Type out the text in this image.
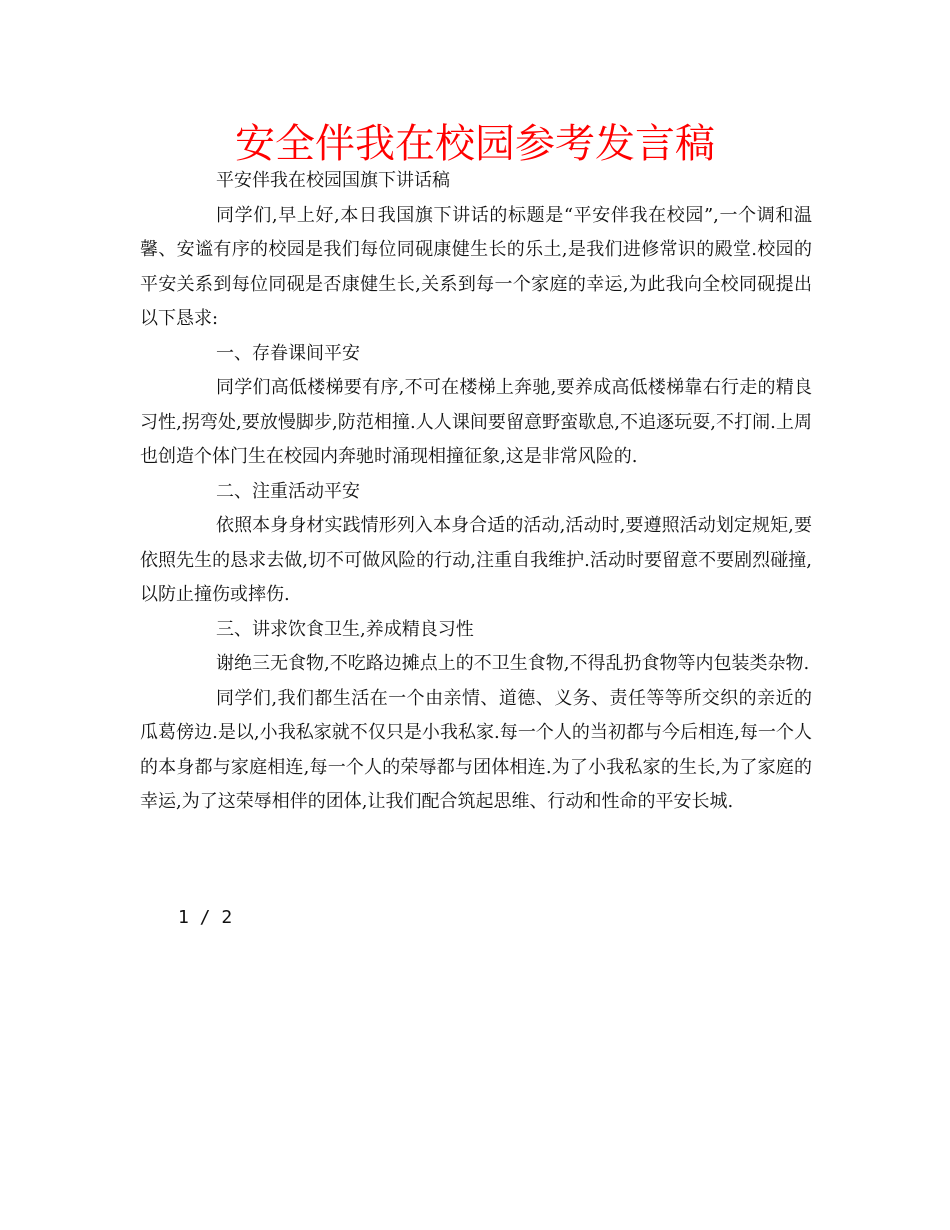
安全伴我在校园参考发言稿

平安伴我在校园国旗下讲话稿

同学们,早上好,本日我国旗下讲话的标题是“平安伴我在校园”,一个调和温馨、安谧有序的校园是我们每位同砚康健生长的乐土,是我们进修常识的殿堂.校园的平安关系到每位同砚是否康健生长,关系到每一个家庭的幸运,为此我向全校同砚提出以下恳求:

一、存眷课间平安

同学们高低楼梯要有序,不可在楼梯上奔驰,要养成高低楼梯靠右行走的精良习性,拐弯处,要放慢脚步,防范相撞.人人课间要留意野蛮歇息,不追逐玩耍,不打闹.上周也创造个体门生在校园内奔驰时涌现相撞征象,这是非常风险的.

二、注重活动平安

依照本身身材实践情形列入本身合适的活动,活动时,要遵照活动划定规矩,要依照先生的恳求去做,切不可做风险的行动,注重自我维护.活动时要留意不要剧烈碰撞,以防止撞伤或摔伤.

三、讲求饮食卫生,养成精良习性

谢绝三无食物,不吃路边摊点上的不卫生食物,不得乱扔食物等内包装类杂物.

同学们,我们都生活在一个由亲情、道德、义务、责任等等所交织的亲近的瓜葛傍边.是以,小我私家就不仅只是小我私家.每一个人的当初都与今后相连,每一个人的本身都与家庭相连,每一个人的荣辱都与团体相连.为了小我私家的生长,为了家庭的幸运,为了这荣辱相伴的团体,让我们配合筑起思维、行动和性命的平安长城.

1 / 2
